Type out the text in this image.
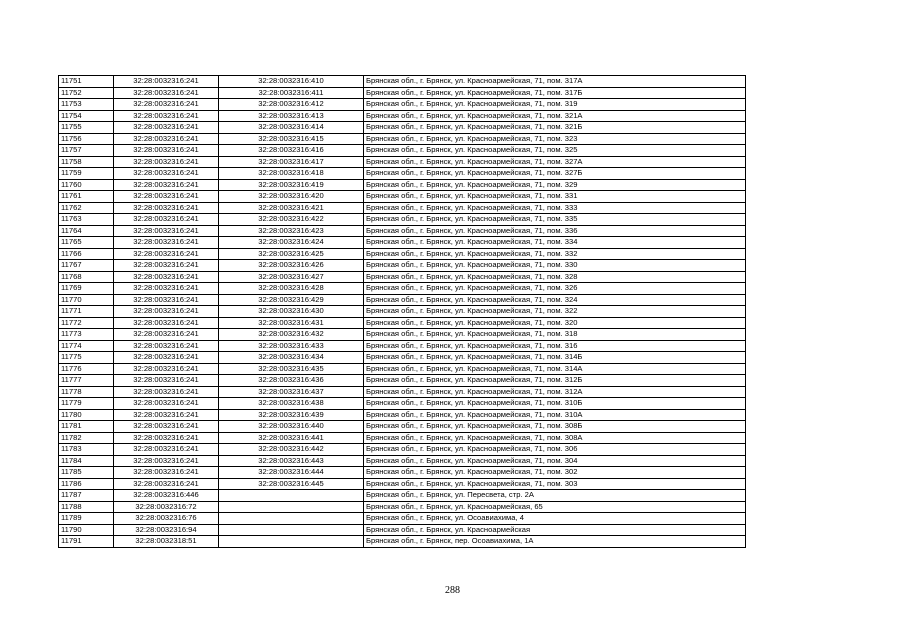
11751	32:28:0032316:241	32:28:0032316:410	Брянская обл., г. Брянск, ул. Красноармейская, 71, пом. 317А
11752	32:28:0032316:241	32:28:0032316:411	Брянская обл., г. Брянск, ул. Красноармейская, 71, пом. 317Б
11753	32:28:0032316:241	32:28:0032316:412	Брянская обл., г. Брянск, ул. Красноармейская, 71, пом. 319
11754	32:28:0032316:241	32:28:0032316:413	Брянская обл., г. Брянск, ул. Красноармейская, 71, пом. 321А
11755	32:28:0032316:241	32:28:0032316:414	Брянская обл., г. Брянск, ул. Красноармейская, 71, пом. 321Б
11756	32:28:0032316:241	32:28:0032316:415	Брянская обл., г. Брянск, ул. Красноармейская, 71, пом. 323
11757	32:28:0032316:241	32:28:0032316:416	Брянская обл., г. Брянск, ул. Красноармейская, 71, пом. 325
11758	32:28:0032316:241	32:28:0032316:417	Брянская обл., г. Брянск, ул. Красноармейская, 71, пом. 327А
11759	32:28:0032316:241	32:28:0032316:418	Брянская обл., г. Брянск, ул. Красноармейская, 71, пом. 327Б
11760	32:28:0032316:241	32:28:0032316:419	Брянская обл., г. Брянск, ул. Красноармейская, 71, пом. 329
11761	32:28:0032316:241	32:28:0032316:420	Брянская обл., г. Брянск, ул. Красноармейская, 71, пом. 331
11762	32:28:0032316:241	32:28:0032316:421	Брянская обл., г. Брянск, ул. Красноармейская, 71, пом. 333
11763	32:28:0032316:241	32:28:0032316:422	Брянская обл., г. Брянск, ул. Красноармейская, 71, пом. 335
11764	32:28:0032316:241	32:28:0032316:423	Брянская обл., г. Брянск, ул. Красноармейская, 71, пом. 336
11765	32:28:0032316:241	32:28:0032316:424	Брянская обл., г. Брянск, ул. Красноармейская, 71, пом. 334
11766	32:28:0032316:241	32:28:0032316:425	Брянская обл., г. Брянск, ул. Красноармейская, 71, пом. 332
11767	32:28:0032316:241	32:28:0032316:426	Брянская обл., г. Брянск, ул. Красноармейская, 71, пом. 330
11768	32:28:0032316:241	32:28:0032316:427	Брянская обл., г. Брянск, ул. Красноармейская, 71, пом. 328
11769	32:28:0032316:241	32:28:0032316:428	Брянская обл., г. Брянск, ул. Красноармейская, 71, пом. 326
11770	32:28:0032316:241	32:28:0032316:429	Брянская обл., г. Брянск, ул. Красноармейская, 71, пом. 324
11771	32:28:0032316:241	32:28:0032316:430	Брянская обл., г. Брянск, ул. Красноармейская, 71, пом. 322
11772	32:28:0032316:241	32:28:0032316:431	Брянская обл., г. Брянск, ул. Красноармейская, 71, пом. 320
11773	32:28:0032316:241	32:28:0032316:432	Брянская обл., г. Брянск, ул. Красноармейская, 71, пом. 318
11774	32:28:0032316:241	32:28:0032316:433	Брянская обл., г. Брянск, ул. Красноармейская, 71, пом. 316
11775	32:28:0032316:241	32:28:0032316:434	Брянская обл., г. Брянск, ул. Красноармейская, 71, пом. 314Б
11776	32:28:0032316:241	32:28:0032316:435	Брянская обл., г. Брянск, ул. Красноармейская, 71, пом. 314А
11777	32:28:0032316:241	32:28:0032316:436	Брянская обл., г. Брянск, ул. Красноармейская, 71, пом. 312Б
11778	32:28:0032316:241	32:28:0032316:437	Брянская обл., г. Брянск, ул. Красноармейская, 71, пом. 312А
11779	32:28:0032316:241	32:28:0032316:438	Брянская обл., г. Брянск, ул. Красноармейская, 71, пом. 310Б
11780	32:28:0032316:241	32:28:0032316:439	Брянская обл., г. Брянск, ул. Красноармейская, 71, пом. 310А
11781	32:28:0032316:241	32:28:0032316:440	Брянская обл., г. Брянск, ул. Красноармейская, 71, пом. 308Б
11782	32:28:0032316:241	32:28:0032316:441	Брянская обл., г. Брянск, ул. Красноармейская, 71, пом. 308А
11783	32:28:0032316:241	32:28:0032316:442	Брянская обл., г. Брянск, ул. Красноармейская, 71, пом. 306
11784	32:28:0032316:241	32:28:0032316:443	Брянская обл., г. Брянск, ул. Красноармейская, 71, пом. 304
11785	32:28:0032316:241	32:28:0032316:444	Брянская обл., г. Брянск, ул. Красноармейская, 71, пом. 302
11786	32:28:0032316:241	32:28:0032316:445	Брянская обл., г. Брянск, ул. Красноармейская, 71, пом. 303
11787	32:28:0032316:446		Брянская обл., г. Брянск, ул. Пересвета, стр. 2А
11788	32:28:0032316:72		Брянская обл., г. Брянск, ул. Красноармейская, 65
11789	32:28:0032316:76		Брянская обл., г. Брянск, ул. Осоавиахима, 4
11790	32:28:0032316:94		Брянская обл., г. Брянск, ул. Красноармейская
11791	32:28:0032318:51		Брянская обл., г. Брянск, пер. Осоавиахима, 1А
288
